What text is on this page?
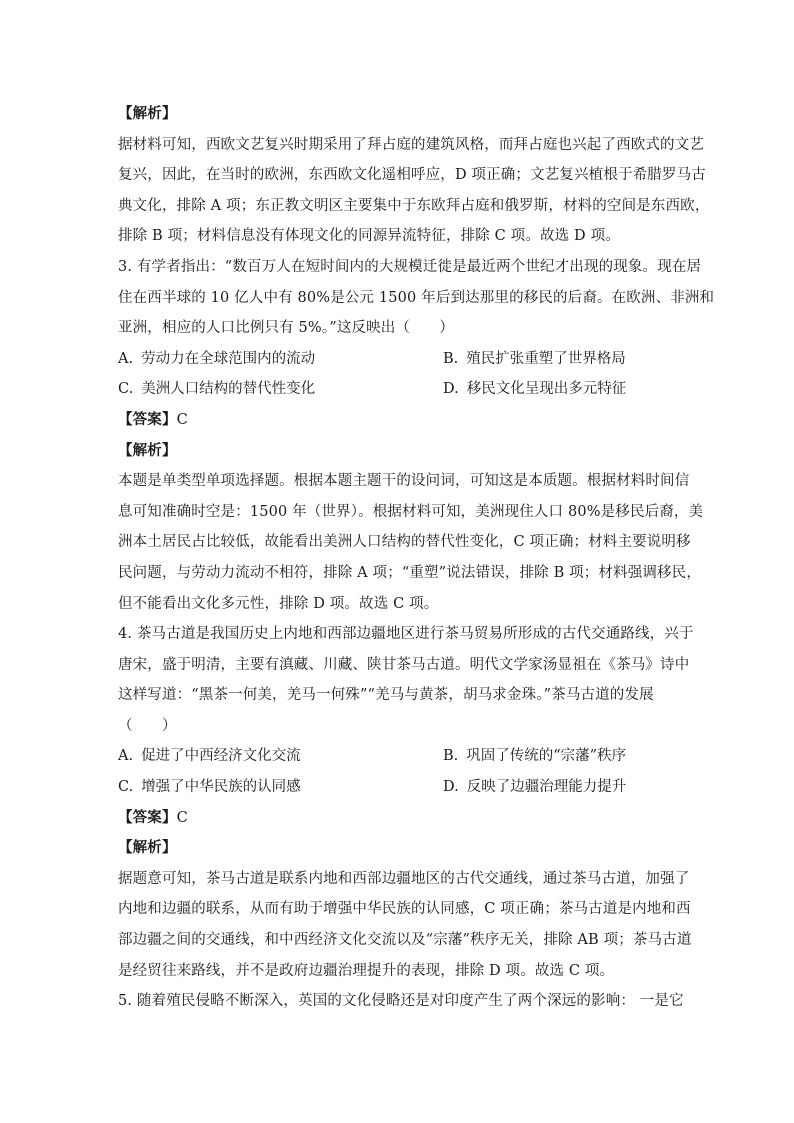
【解析】
据材料可知，西欧文艺复兴时期采用了拜占庭的建筑风格，而拜占庭也兴起了西欧式的文艺
复兴，因此，在当时的欧洲，东西欧文化遥相呼应，D 项正确；文艺复兴植根于希腊罗马古
典文化，排除 A 项；东正教文明区主要集中于东欧拜占庭和俄罗斯，材料的空间是东西欧，
排除 B 项；材料信息没有体现文化的同源异流特征，排除 C 项。故选 D 项。
3. 有学者指出：“数百万人在短时间内的大规模迁徙是最近两个世纪才出现的现象。现在居
住在西半球的 10 亿人中有 80%是公元 1500 年后到达那里的移民的后裔。在欧洲、非洲和
亚洲，相应的人口比例只有 5%。”这反映出（　　）
A. 劳动力在全球范围内的流动	B. 殖民扩张重塑了世界格局
C. 美洲人口结构的替代性变化	D. 移民文化呈现出多元特征
【答案】C
【解析】
本题是单类型单项选择题。根据本题主题干的设问词，可知这是本质题。根据材料时间信
息可知准确时空是：1500 年（世界）。根据材料可知，美洲现住人口 80%是移民后裔，美
洲本土居民占比较低，故能看出美洲人口结构的替代性变化，C 项正确；材料主要说明移
民问题，与劳动力流动不相符，排除 A 项；“重塑”说法错误，排除 B 项；材料强调移民，
但不能看出文化多元性，排除 D 项。故选 C 项。
4. 茶马古道是我国历史上内地和西部边疆地区进行茶马贸易所形成的古代交通路线，兴于
唐宋，盛于明清，主要有滇藏、川藏、陕甘茶马古道。明代文学家汤显祖在《茶马》诗中
这样写道：“黑茶一何美，羌马一何殊”“羌马与黄茶，胡马求金珠。”茶马古道的发展
（　　）
A. 促进了中西经济文化交流	B. 巩固了传统的“宗藩”秩序
C. 增强了中华民族的认同感	D. 反映了边疆治理能力提升
【答案】C
【解析】
据题意可知，茶马古道是联系内地和西部边疆地区的古代交通线，通过茶马古道，加强了
内地和边疆的联系，从而有助于增强中华民族的认同感，C 项正确；茶马古道是内地和西
部边疆之间的交通线，和中西经济文化交流以及“宗藩”秩序无关，排除 AB 项；茶马古道
是经贸往来路线，并不是政府边疆治理提升的表现，排除 D 项。故选 C 项。
5. 随着殖民侵略不断深入，英国的文化侵略还是对印度产生了两个深远的影响： 一是它
